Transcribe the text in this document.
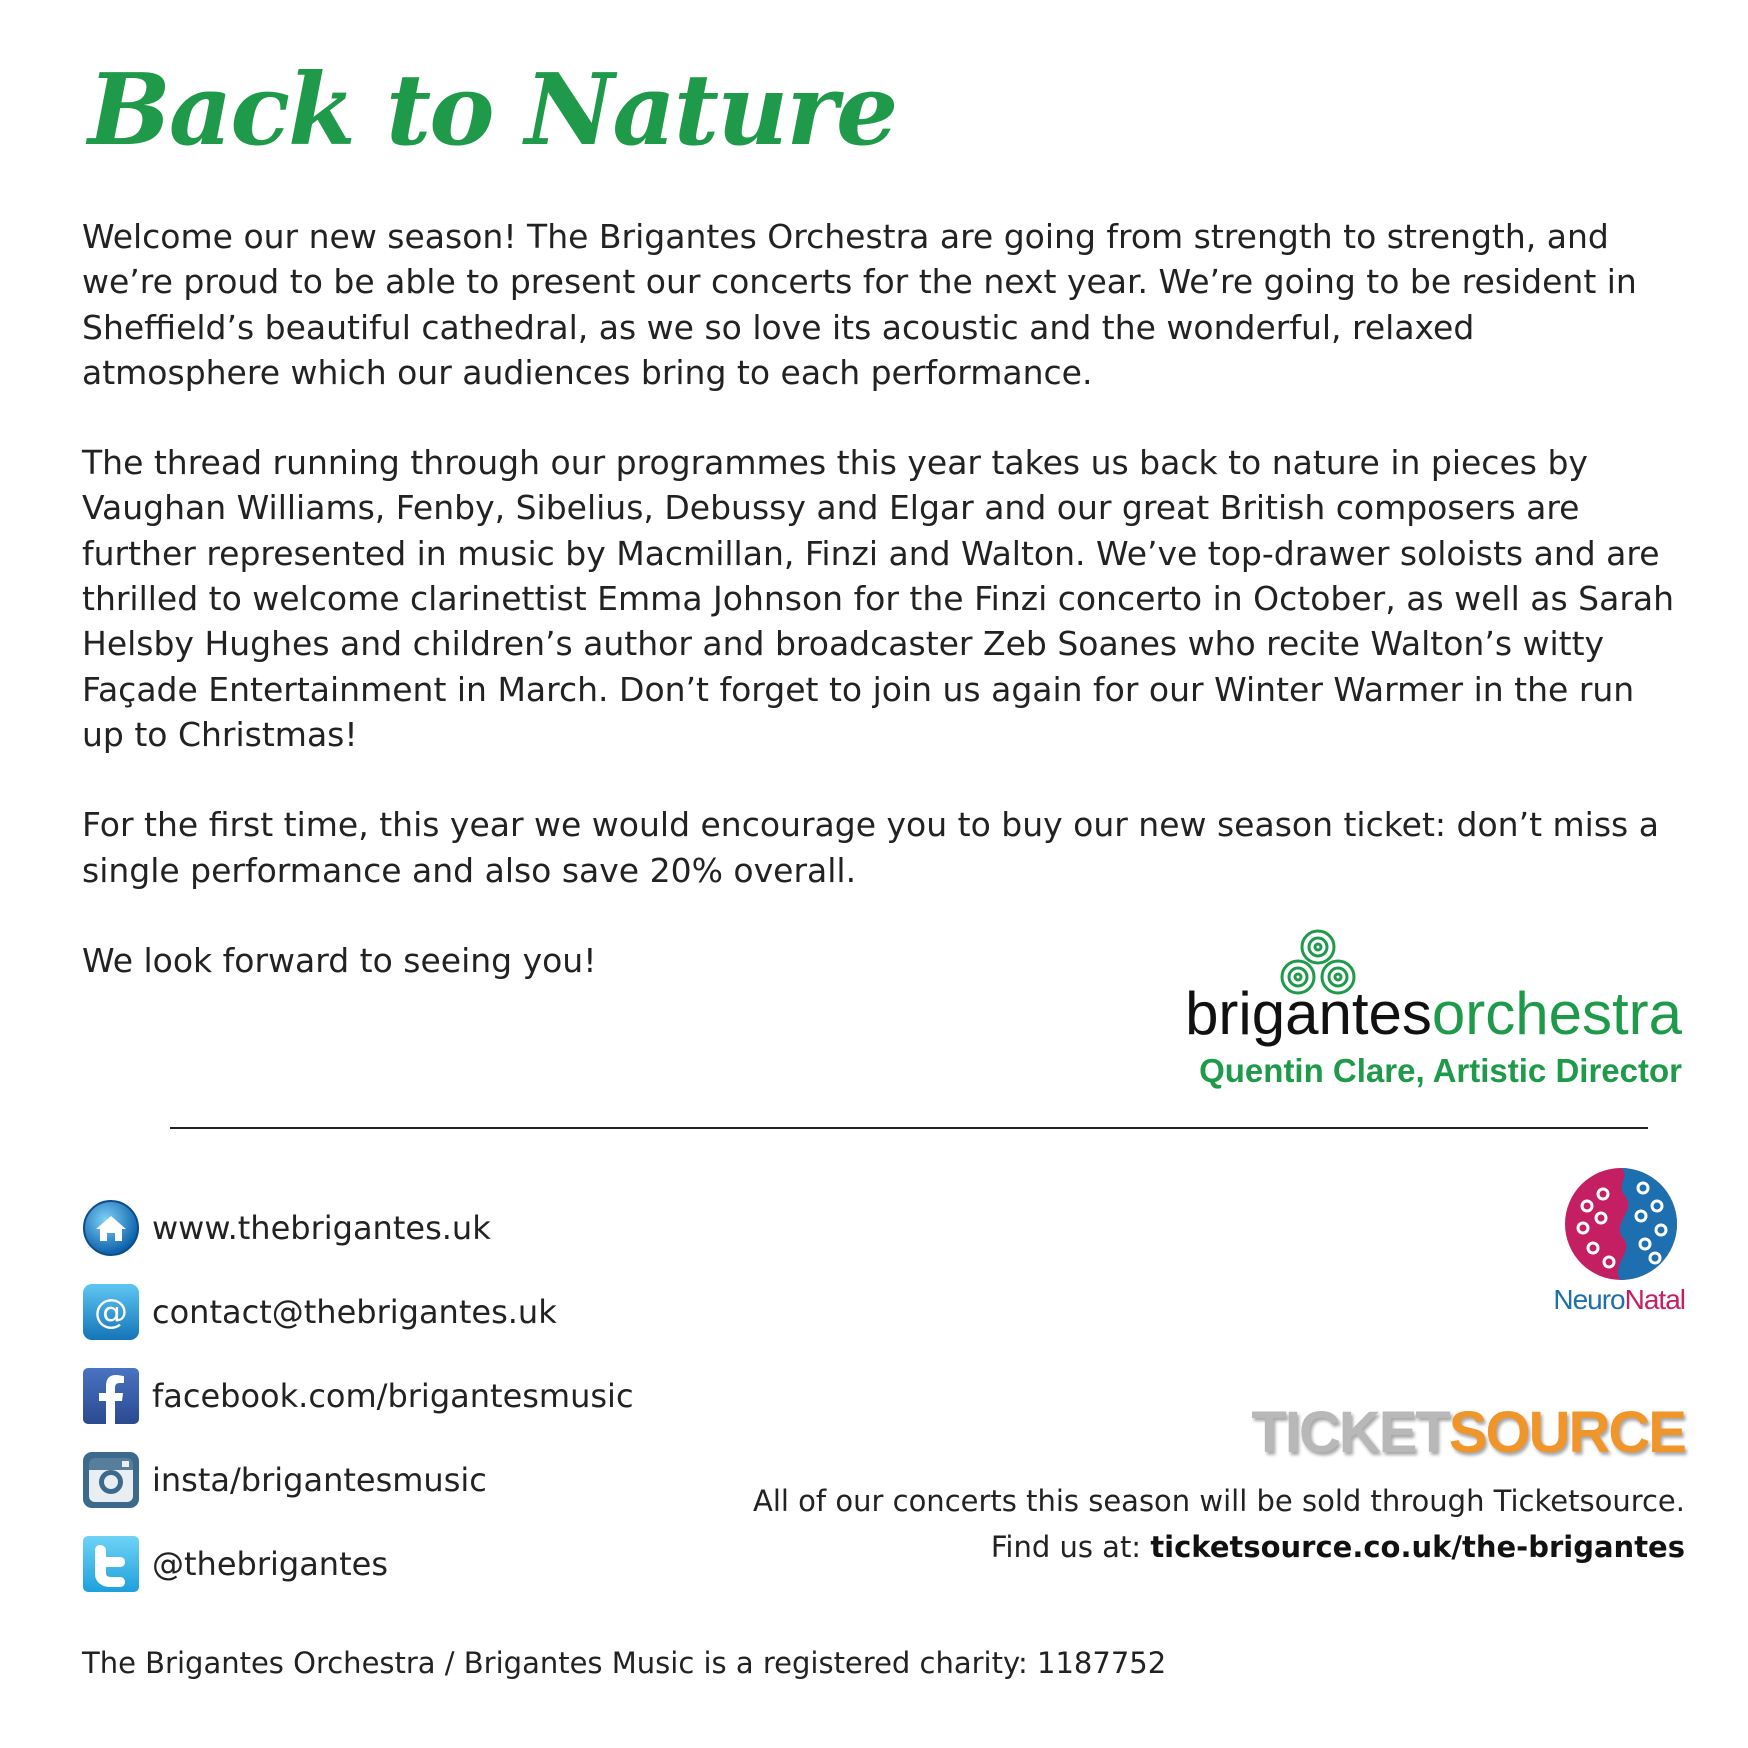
Back to Nature

Welcome our new season! The Brigantes Orchestra are going from strength to strength, and we’re proud to be able to present our concerts for the next year. We’re going to be resident in Sheffield’s beautiful cathedral, as we so love its acoustic and the wonderful, relaxed atmosphere which our audiences bring to each performance.

The thread running through our programmes this year takes us back to nature in pieces by Vaughan Williams, Fenby, Sibelius, Debussy and Elgar and our great British composers are further represented in music by Macmillan, Finzi and Walton. We’ve top-drawer soloists and are thrilled to welcome clarinettist Emma Johnson for the Finzi concerto in October, as well as Sarah Helsby Hughes and children’s author and broadcaster Zeb Soanes who recite Walton’s witty Façade Entertainment in March. Don’t forget to join us again for our Winter Warmer in the run up to Christmas!

For the first time, this year we would encourage you to buy our new season ticket: don’t miss a single performance and also save 20% overall.

We look forward to seeing you!

brigantesorchestra
Quentin Clare, Artistic Director
www.thebrigantes.uk
@ contact@thebrigantes.uk
facebook.com/brigantesmusic
insta/brigantesmusic
@thebrigantes
NeuroNatal
TICKETSOURCE
All of our concerts this season will be sold through Ticketsource.
Find us at: ticketsource.co.uk/the-brigantes
The Brigantes Orchestra / Brigantes Music is a registered charity: 1187752
